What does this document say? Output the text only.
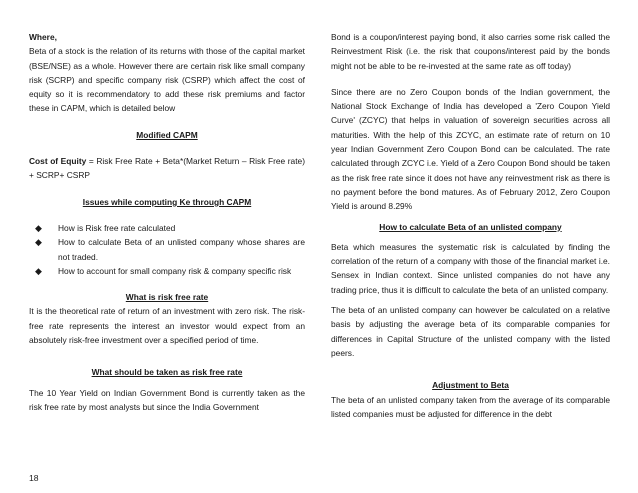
Where,

Beta of a stock is the relation of its returns with those of the capital market (BSE/NSE) as a whole. However there are certain risk like small company risk (SCRP) and specific company risk (CSRP) which affect the cost of equity so it is recommendatory to add these risk premiums and factor these in CAPM, which is detailed below

Modified CAPM

Cost of Equity = Risk Free Rate + Beta*(Market Return – Risk Free rate) + SCRP+ CSRP

Issues while computing Ke through CAPM
◆ How is Risk free rate calculated
◆ How to calculate Beta of an unlisted company whose shares are not traded.
◆ How to account for small company risk & company specific risk
What is risk free rate

It is the theoretical rate of return of an investment with zero risk. The risk-free rate represents the interest an investor would expect from an absolutely risk-free investment over a specified period of time.

What should be taken as risk free rate

The 10 Year Yield on Indian Government Bond is currently taken as the risk free rate by most analysts but since the India Government

Bond is a coupon/interest paying bond, it also carries some risk called the Reinvestment Risk (i.e. the risk that coupons/interest paid by the bonds might not be able to be re-invested at the same rate as off today)

Since there are no Zero Coupon bonds of the Indian government, the National Stock Exchange of India has developed a 'Zero Coupon Yield Curve' (ZCYC) that helps in valuation of sovereign securities across all maturities. With the help of this ZCYC, an estimate rate of return on 10 year Indian Government Zero Coupon Bond can be calculated. The rate calculated through ZCYC i.e. Yield of a Zero Coupon Bond should be taken as the risk free rate since it does not have any reinvestment risk as there is no payment before the bond matures. As of February 2012, Zero Coupon Yield is around 8.29%

How to calculate Beta of an unlisted company

Beta which measures the systematic risk is calculated by finding the correlation of the return of a company with those of the financial market i.e. Sensex in Indian context. Since unlisted companies do not have any trading price, thus it is difficult to calculate the beta of an unlisted company.

The beta of an unlisted company can however be calculated on a relative basis by adjusting the average beta of its comparable companies for differences in Capital Structure of the unlisted company with the listed peers.

Adjustment to Beta

The beta of an unlisted company taken from the average of its comparable listed companies must be adjusted for difference in the debt

18
